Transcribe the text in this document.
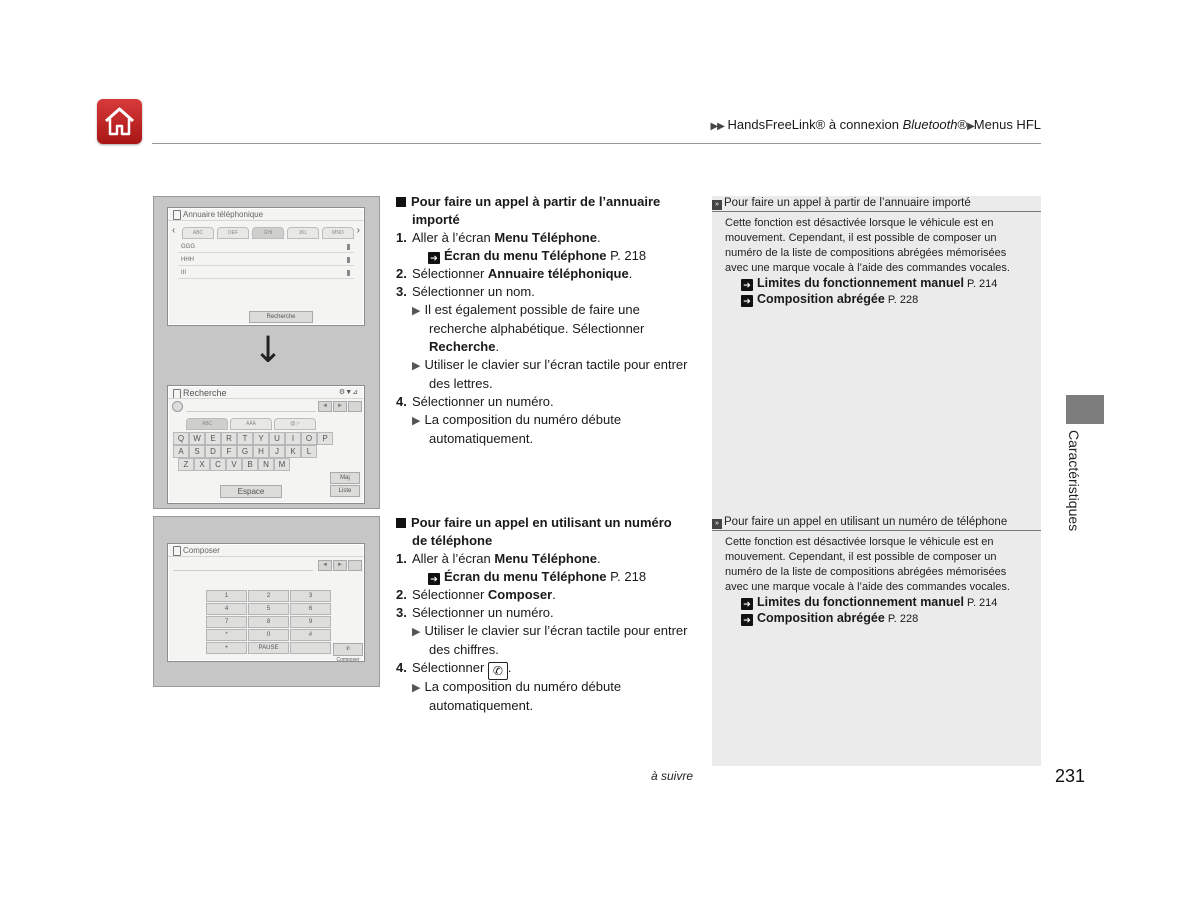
▶▶ HandsFreeLink® à connexion Bluetooth®▶Menus HFL
Annuaire téléphonique
‹	›
ABC	DEF	GHI	JKL	MNO
GGG
HHH
III
Recherche
Recherche	⚙▼⊿
◄	►
ABC	ÄÅÄ	@;~
Q	W	E	R	T	Y	U	I	O	P
A	S	D	F	G	H	J	K	L
Z	X	C	V	B	N	M
Espace
Maj
Liste
↓
Composer
◄	►
1	2	3
4	5	6
7	8	9
*	0	#
+	PAUSE	✆ Composer
Pour faire un appel à partir de l’annuaire
importé
1. Aller à l’écran Menu Téléphone.
➔ Écran du menu Téléphone P. 218
2. Sélectionner Annuaire téléphonique.
3. Sélectionner un nom.
▶ Il est également possible de faire une
recherche alphabétique. Sélectionner
Recherche.
▶ Utiliser le clavier sur l’écran tactile pour entrer
des lettres.
4. Sélectionner un numéro.
▶ La composition du numéro débute
automatiquement.
Pour faire un appel en utilisant un numéro
de téléphone
1. Aller à l’écran Menu Téléphone.
➔ Écran du menu Téléphone P. 218
2. Sélectionner Composer.
3. Sélectionner un numéro.
▶ Utiliser le clavier sur l’écran tactile pour entrer
des chiffres.
4. Sélectionner ✆ .
▶ La composition du numéro débute
automatiquement.
» Pour faire un appel à partir de l’annuaire importé
Cette fonction est désactivée lorsque le véhicule est en
mouvement. Cependant, il est possible de composer un
numéro de la liste de compositions abrégées mémorisées
avec une marque vocale à l’aide des commandes vocales.
➔ Limites du fonctionnement manuel P. 214
➔ Composition abrégée P. 228
» Pour faire un appel en utilisant un numéro de téléphone
Cette fonction est désactivée lorsque le véhicule est en
mouvement. Cependant, il est possible de composer un
numéro de la liste de compositions abrégées mémorisées
avec une marque vocale à l’aide des commandes vocales.
➔ Limites du fonctionnement manuel P. 214
➔ Composition abrégée P. 228
Caractéristiques
à suivre	231
